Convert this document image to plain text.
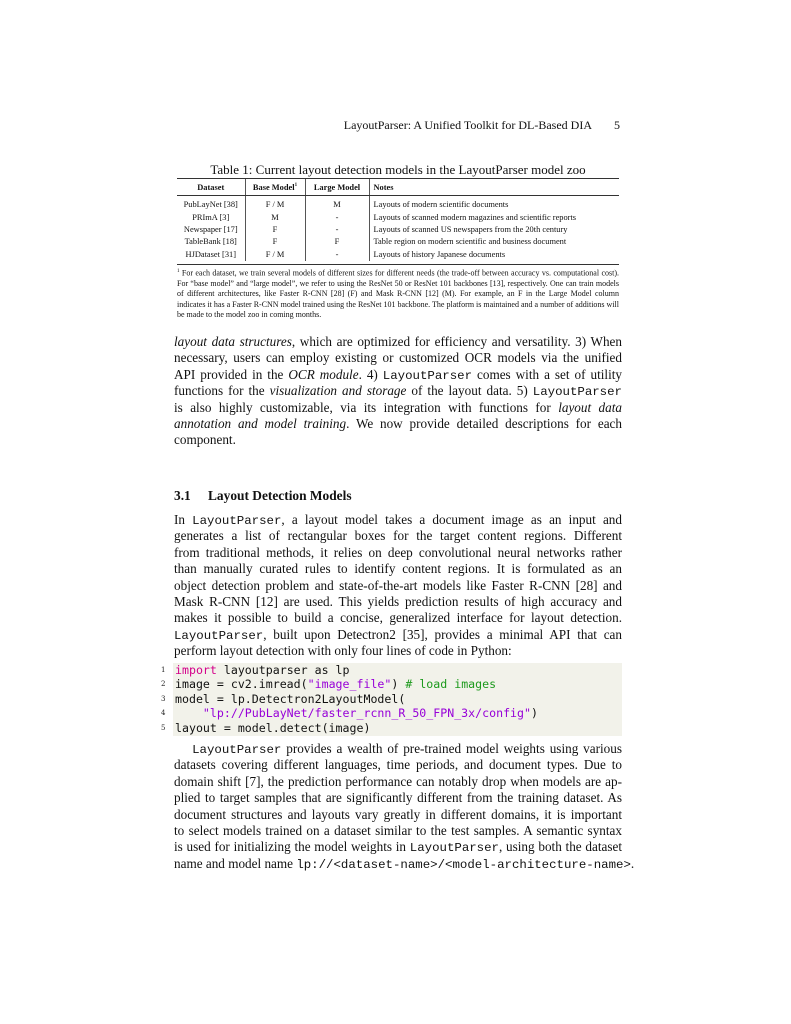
LayoutParser: A Unified Toolkit for DL-Based DIA 5
Table 1: Current layout detection models in the LayoutParser model zoo
Dataset	Base Model$^1$	Large Model	Notes
PubLayNet [38]	F / M	M	Layouts of modern scientific documents
PRImA [3]	M	-	Layouts of scanned modern magazines and scientific reports
Newspaper [17]	F	-	Layouts of scanned US newspapers from the 20th century
TableBank [18]	F	F	Table region on modern scientific and business document
HJDataset [31]	F / M	-	Layouts of history Japanese documents
$^1$ For each dataset, we train several models of different sizes for different needs (the trade-off between accuracy vs. computational cost). For “base model” and “large model”, we refer to using the ResNet 50 or ResNet 101 backbones [13], respectively. One can train models of different architectures, like Faster R-CNN [28] (F) and Mask R-CNN [12] (M). For example, an F in the Large Model column indicates it has a Faster R-CNN model trained using the ResNet 101 backbone. The platform is maintained and a number of additions will be made to the model zoo in coming months.
layout data structures, which are optimized for efficiency and versatility. 3) When
necessary, users can employ existing or customized OCR models via the unified
API provided in the OCR module. 4) LayoutParser comes with a set of utility
functions for the visualization and storage of the layout data. 5) LayoutParser
is also highly customizable, via its integration with functions for layout data
annotation and model training. We now provide detailed descriptions for each
component.
3.1 Layout Detection Models
In LayoutParser, a layout model takes a document image as an input and
generates a list of rectangular boxes for the target content regions. Different
from traditional methods, it relies on deep convolutional neural networks rather
than manually curated rules to identify content regions. It is formulated as an
object detection problem and state-of-the-art models like Faster R-CNN [28] and
Mask R-CNN [12] are used. This yields prediction results of high accuracy and
makes it possible to build a concise, generalized interface for layout detection.
LayoutParser, built upon Detectron2 [35], provides a minimal API that can
perform layout detection with only four lines of code in Python:
1 import layoutparser as lp
2 image = cv2.imread("image_file") # load images
3 model = lp.Detectron2LayoutModel(
4	"lp://PubLayNet/faster_rcnn_R_50_FPN_3x/config")
5 layout = model.detect(image)
  LayoutParser provides a wealth of pre-trained model weights using various
datasets covering different languages, time periods, and document types. Due to
domain shift [7], the prediction performance can notably drop when models are ap-
plied to target samples that are significantly different from the training dataset. As
document structures and layouts vary greatly in different domains, it is important
to select models trained on a dataset similar to the test samples. A semantic syntax
is used for initializing the model weights in LayoutParser, using both the dataset
name and model name lp://<dataset-name>/<model-architecture-name>.
